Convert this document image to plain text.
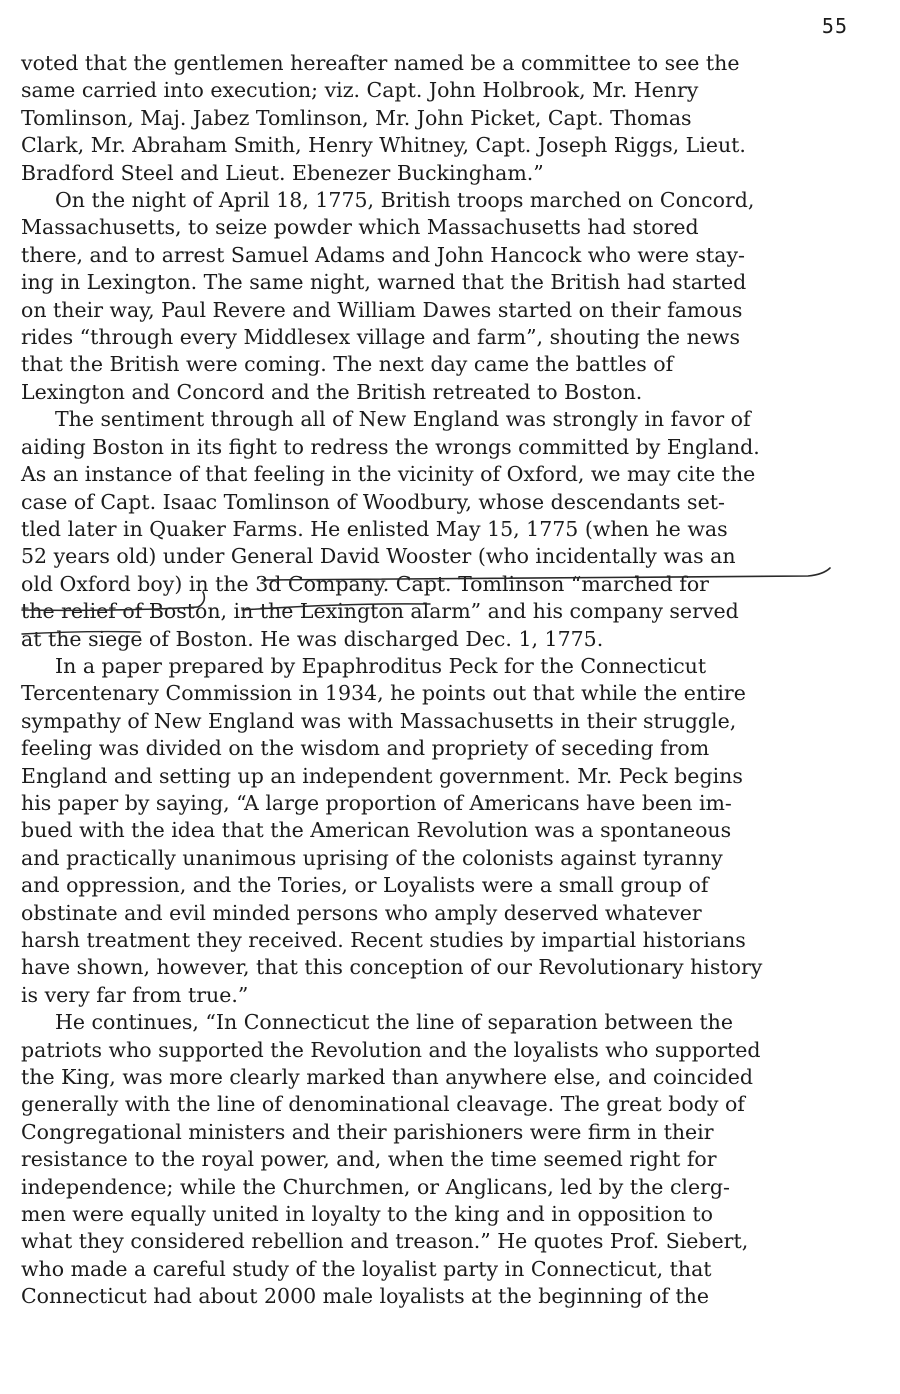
55
voted that the gentlemen hereafter named be a committee to see the
same carried into execution; viz. Capt. John Holbrook, Mr. Henry
Tomlinson, Maj. Jabez Tomlinson, Mr. John Picket, Capt. Thomas
Clark, Mr. Abraham Smith, Henry Whitney, Capt. Joseph Riggs, Lieut.
Bradford Steel and Lieut. Ebenezer Buckingham.”
On the night of April 18, 1775, British troops marched on Concord,
Massachusetts, to seize powder which Massachusetts had stored
there, and to arrest Samuel Adams and John Hancock who were stay-
ing in Lexington. The same night, warned that the British had started
on their way, Paul Revere and William Dawes started on their famous
rides “through every Middlesex village and farm”, shouting the news
that the British were coming. The next day came the battles of
Lexington and Concord and the British retreated to Boston.
The sentiment through all of New England was strongly in favor of
aiding Boston in its fight to redress the wrongs committed by England.
As an instance of that feeling in the vicinity of Oxford, we may cite the
case of Capt. Isaac Tomlinson of Woodbury, whose descendants set-
tled later in Quaker Farms. He enlisted May 15, 1775 (when he was
52 years old) under General David Wooster (who incidentally was an
old Oxford boy) in the 3d Company. Capt. Tomlinson “marched for
the relief of Boston, in the Lexington alarm” and his company served
at the siege of Boston. He was discharged Dec. 1, 1775.
In a paper prepared by Epaphroditus Peck for the Connecticut
Tercentenary Commission in 1934, he points out that while the entire
sympathy of New England was with Massachusetts in their struggle,
feeling was divided on the wisdom and propriety of seceding from
England and setting up an independent government. Mr. Peck begins
his paper by saying, “A large proportion of Americans have been im-
bued with the idea that the American Revolution was a spontaneous
and practically unanimous uprising of the colonists against tyranny
and oppression, and the Tories, or Loyalists were a small group of
obstinate and evil minded persons who amply deserved whatever
harsh treatment they received. Recent studies by impartial historians
have shown, however, that this conception of our Revolutionary history
is very far from true.”
He continues, “In Connecticut the line of separation between the
patriots who supported the Revolution and the loyalists who supported
the King, was more clearly marked than anywhere else, and coincided
generally with the line of denominational cleavage. The great body of
Congregational ministers and their parishioners were firm in their
resistance to the royal power, and, when the time seemed right for
independence; while the Churchmen, or Anglicans, led by the clerg-
men were equally united in loyalty to the king and in opposition to
what they considered rebellion and treason.” He quotes Prof. Siebert,
who made a careful study of the loyalist party in Connecticut, that
Connecticut had about 2000 male loyalists at the beginning of the
